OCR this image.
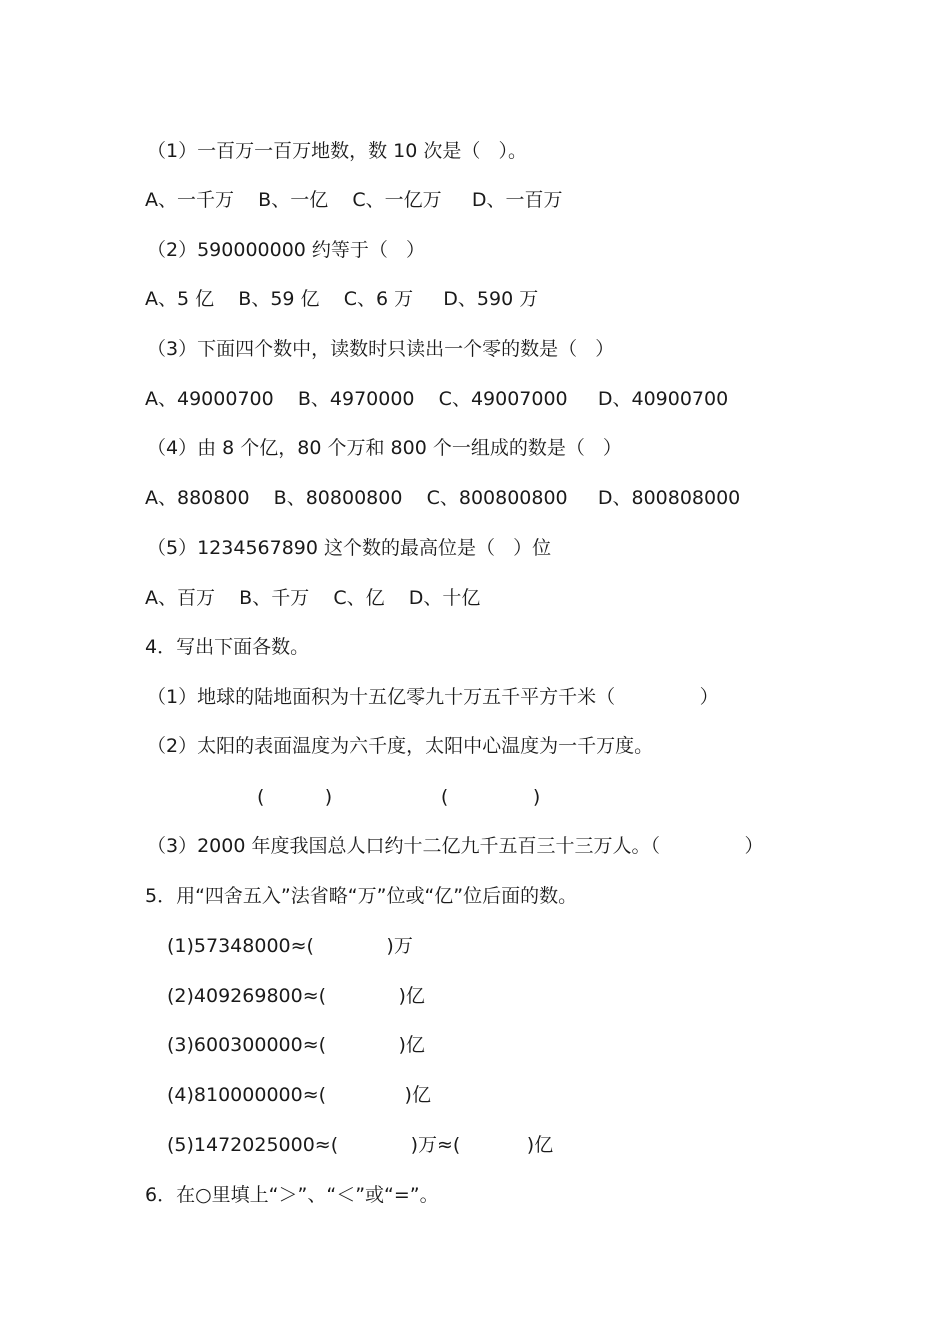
（1）一百万一百万地数，数 10 次是（   ）。
A、一千万    B、一亿    C、一亿万     D、一百万
（2）590000000 约等于（   ）
A、5 亿    B、59 亿    C、6 万     D、590 万
（3）下面四个数中，读数时只读出一个零的数是（   ）
A、49000700    B、4970000    C、49007000     D、40900700
（4）由 8 个亿，80 个万和 800 个一组成的数是（   ）
A、880800    B、80800800    C、800800800     D、800808000
（5）1234567890 这个数的最高位是（   ）位
A、百万    B、千万    C、亿    D、十亿
4．写出下面各数。
（1）地球的陆地面积为十五亿零九十万五千平方千米（              ）
（2）太阳的表面温度为六千度，太阳中心温度为一千万度。
(          )                  (              )
（3）2000 年度我国总人口约十二亿九千五百三十三万人。（              ）
5．用“四舍五入”法省略“万”位或“亿”位后面的数。
(1)57348000≈(            )万
(2)409269800≈(            )亿
(3)600300000≈(            )亿
(4)810000000≈(             )亿
(5)1472025000≈(            )万≈(           )亿
6．在○里填上“＞”、“＜”或“=”。
